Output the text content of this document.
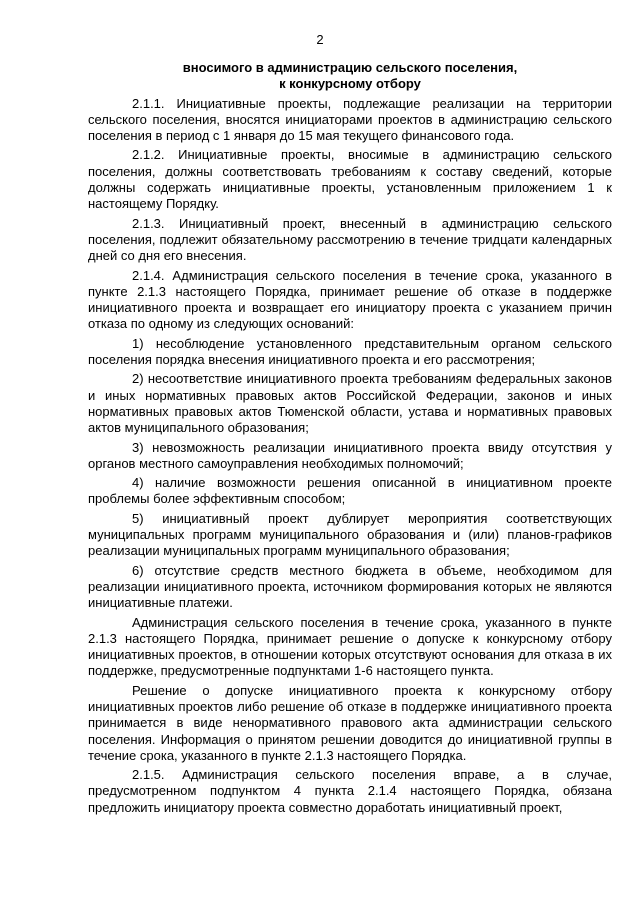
2
вносимого в администрацию сельского поселения,
к конкурсному отбору

2.1.1. Инициативные проекты, подлежащие реализации на территории сельского поселения, вносятся инициаторами проектов в администрацию сельского поселения в период с 1 января до 15 мая текущего финансового года.

2.1.2. Инициативные проекты, вносимые в администрацию сельского поселения, должны соответствовать требованиям к составу сведений, которые должны содержать инициативные проекты, установленным приложением 1 к настоящему Порядку.

2.1.3. Инициативный проект, внесенный в администрацию сельского поселения, подлежит обязательному рассмотрению в течение тридцати календарных дней со дня его внесения.

2.1.4. Администрация сельского поселения в течение срока, указанного в пункте 2.1.3 настоящего Порядка, принимает решение об отказе в поддержке инициативного проекта и возвращает его инициатору проекта с указанием причин отказа по одному из следующих оснований:

1) несоблюдение установленного представительным органом сельского поселения порядка внесения инициативного проекта и его рассмотрения;

2) несоответствие инициативного проекта требованиям федеральных законов и иных нормативных правовых актов Российской Федерации, законов и иных нормативных правовых актов Тюменской области, устава и нормативных правовых актов муниципального образования;

3) невозможность реализации инициативного проекта ввиду отсутствия у органов местного самоуправления необходимых полномочий;

4) наличие возможности решения описанной в инициативном проекте проблемы более эффективным способом;

5) инициативный проект дублирует мероприятия соответствующих муниципальных программ муниципального образования и (или) планов-графиков реализации муниципальных программ муниципального образования;

6) отсутствие средств местного бюджета в объеме, необходимом для реализации инициативного проекта, источником формирования которых не являются инициативные платежи.

Администрация сельского поселения в течение срока, указанного в пункте 2.1.3 настоящего Порядка, принимает решение о допуске к конкурсному отбору инициативных проектов, в отношении которых отсутствуют основания для отказа в их поддержке, предусмотренные подпунктами 1-6 настоящего пункта.

Решение о допуске инициативного проекта к конкурсному отбору инициативных проектов либо решение об отказе в поддержке инициативного проекта принимается в виде ненормативного правового акта администрации сельского поселения. Информация о принятом решении доводится до инициативной группы в течение срока, указанного в пункте 2.1.3 настоящего Порядка.

2.1.5. Администрация сельского поселения вправе, а в случае, предусмотренном подпунктом 4 пункта 2.1.4 настоящего Порядка, обязана предложить инициатору проекта совместно доработать инициативный проект,
